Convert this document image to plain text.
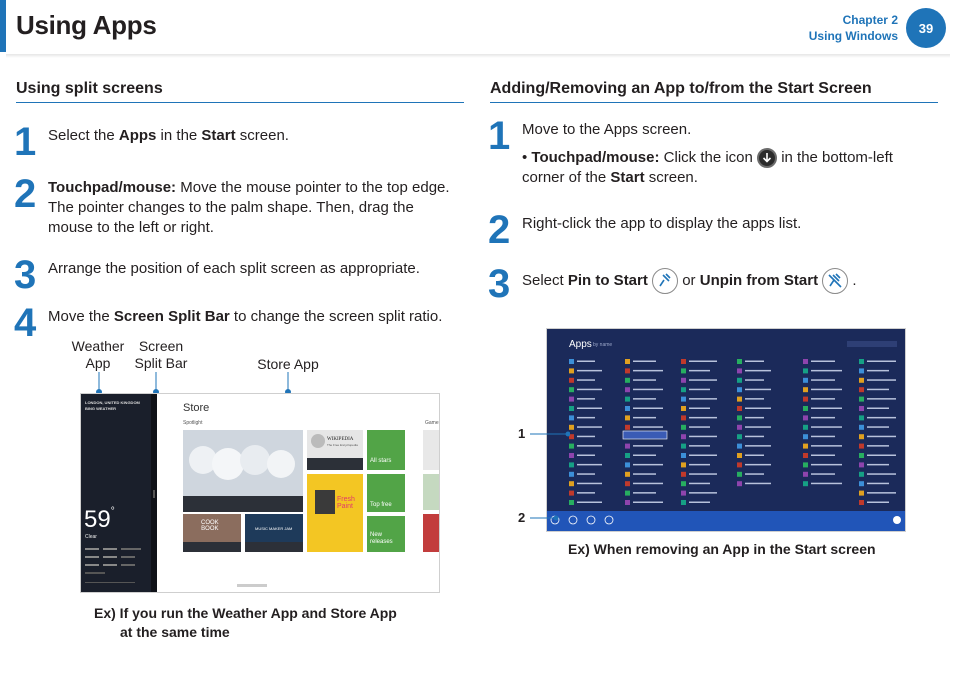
Using Apps	Chapter 2
Using Windows
39
Using split screens
1 Select the Apps in the Start screen.
2 Touchpad/mouse: Move the mouse pointer to the top edge. The pointer changes to the palm shape. Then, drag the mouse to the left or right.
3 Arrange the position of each split screen as appropriate.
4 Move the Screen Split Bar to change the screen split ratio.
Weather
App
Screen
Split Bar	Store App
LONDON, UNITED KINGDOM
BING WEATHER
59°
Clear
Store
Spotlight	Game
WIKIPEDIA
The Free Encyclopedia
Fresh
Paint
All stars
Top free
New
releases
COOK
BOOK	MUSIC MAKER JAM
Ex) If you run the Weather App and Store App
at the same time
Adding/Removing an App to/from the Start Screen
1 Move to the Apps screen.
• Touchpad/mouse: Click the icon
in the bottom-left corner of the Start screen.
2 Right-click the app to display the apps list.
3 Select Pin to Start
or Unpin from Start .
Apps by name
1
2
Ex) When removing an App in the Start screen
